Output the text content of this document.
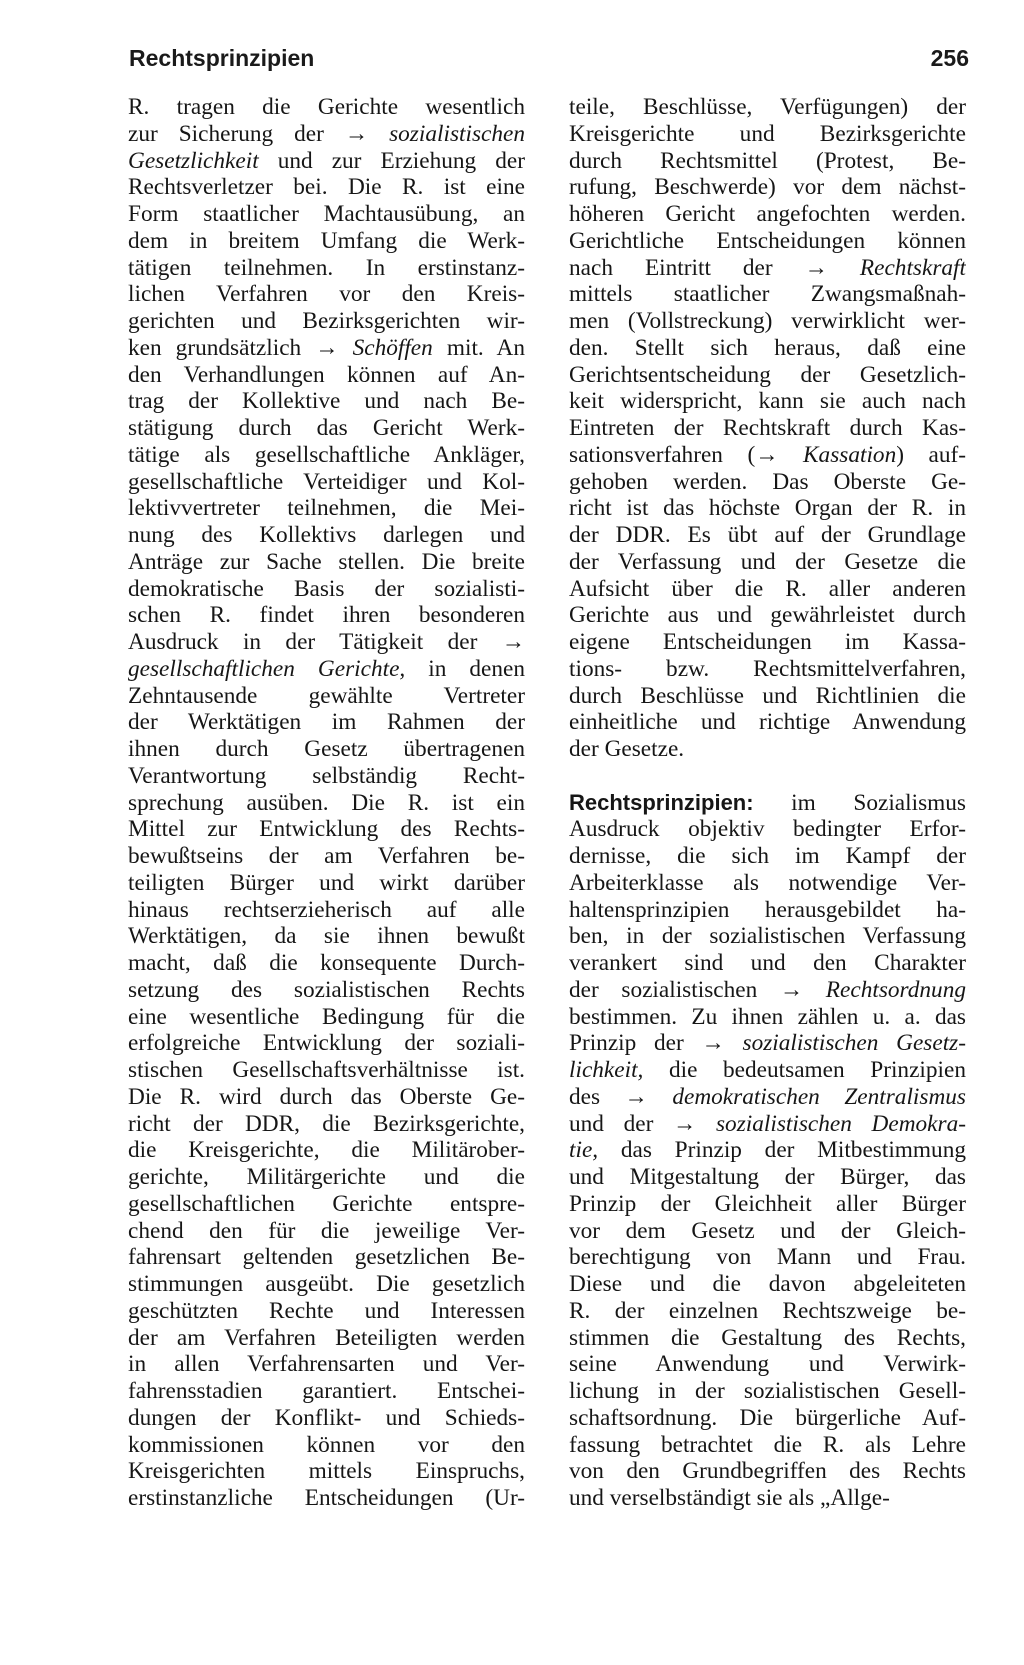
Rechtsprinzipien	256
R. tragen die Gerichte wesentlich
zur Sicherung der → sozialistischen
Gesetzlichkeit und zur Erziehung der
Rechtsverletzer bei. Die R. ist eine
Form staatlicher Machtausübung, an
dem in breitem Umfang die Werk-
tätigen teilnehmen. In erstinstanz-
lichen Verfahren vor den Kreis-
gerichten und Bezirksgerichten wir-
ken grundsätzlich → Schöffen mit. An
den Verhandlungen können auf An-
trag der Kollektive und nach Be-
stätigung durch das Gericht Werk-
tätige als gesellschaftliche Ankläger,
gesellschaftliche Verteidiger und Kol-
lektivvertreter teilnehmen, die Mei-
nung des Kollektivs darlegen und
Anträge zur Sache stellen. Die breite
demokratische Basis der sozialisti-
schen R. findet ihren besonderen
Ausdruck in der Tätigkeit der →
gesellschaftlichen Gerichte, in denen
Zehntausende gewählte Vertreter
der Werktätigen im Rahmen der
ihnen durch Gesetz übertragenen
Verantwortung selbständig Recht-
sprechung ausüben. Die R. ist ein
Mittel zur Entwicklung des Rechts-
bewußtseins der am Verfahren be-
teiligten Bürger und wirkt darüber
hinaus rechtserzieherisch auf alle
Werktätigen, da sie ihnen bewußt
macht, daß die konsequente Durch-
setzung des sozialistischen Rechts
eine wesentliche Bedingung für die
erfolgreiche Entwicklung der soziali-
stischen Gesellschaftsverhältnisse ist.
Die R. wird durch das Oberste Ge-
richt der DDR, die Bezirksgerichte,
die Kreisgerichte, die Militärober-
gerichte, Militärgerichte und die
gesellschaftlichen Gerichte entspre-
chend den für die jeweilige Ver-
fahrensart geltenden gesetzlichen Be-
stimmungen ausgeübt. Die gesetzlich
geschützten Rechte und Interessen
der am Verfahren Beteiligten werden
in allen Verfahrensarten und Ver-
fahrensstadien garantiert. Entschei-
dungen der Konflikt- und Schieds-
kommissionen können vor den
Kreisgerichten mittels Einspruchs,
erstinstanzliche Entscheidungen (Ur-
teile, Beschlüsse, Verfügungen) der
Kreisgerichte und Bezirksgerichte
durch Rechtsmittel (Protest, Be-
rufung, Beschwerde) vor dem nächst-
höheren Gericht angefochten werden.
Gerichtliche Entscheidungen können
nach Eintritt der → Rechtskraft
mittels staatlicher Zwangsmaßnah-
men (Vollstreckung) verwirklicht wer-
den. Stellt sich heraus, daß eine
Gerichtsentscheidung der Gesetzlich-
keit widerspricht, kann sie auch nach
Eintreten der Rechtskraft durch Kas-
sationsverfahren (→ Kassation) auf-
gehoben werden. Das Oberste Ge-
richt ist das höchste Organ der R. in
der DDR. Es übt auf der Grundlage
der Verfassung und der Gesetze die
Aufsicht über die R. aller anderen
Gerichte aus und gewährleistet durch
eigene Entscheidungen im Kassa-
tions- bzw. Rechtsmittelverfahren,
durch Beschlüsse und Richtlinien die
einheitliche und richtige Anwendung
der Gesetze.
Rechtsprinzipien: im Sozialismus
Ausdruck objektiv bedingter Erfor-
dernisse, die sich im Kampf der
Arbeiterklasse als notwendige Ver-
haltensprinzipien herausgebildet ha-
ben, in der sozialistischen Verfassung
verankert sind und den Charakter
der sozialistischen → Rechtsordnung
bestimmen. Zu ihnen zählen u. a. das
Prinzip der → sozialistischen Gesetz-
lichkeit, die bedeutsamen Prinzipien
des → demokratischen Zentralismus
und der → sozialistischen Demokra-
tie, das Prinzip der Mitbestimmung
und Mitgestaltung der Bürger, das
Prinzip der Gleichheit aller Bürger
vor dem Gesetz und der Gleich-
berechtigung von Mann und Frau.
Diese und die davon abgeleiteten
R. der einzelnen Rechtszweige be-
stimmen die Gestaltung des Rechts,
seine Anwendung und Verwirk-
lichung in der sozialistischen Gesell-
schaftsordnung. Die bürgerliche Auf-
fassung betrachtet die R. als Lehre
von den Grundbegriffen des Rechts
und verselbständigt sie als „Allge-
